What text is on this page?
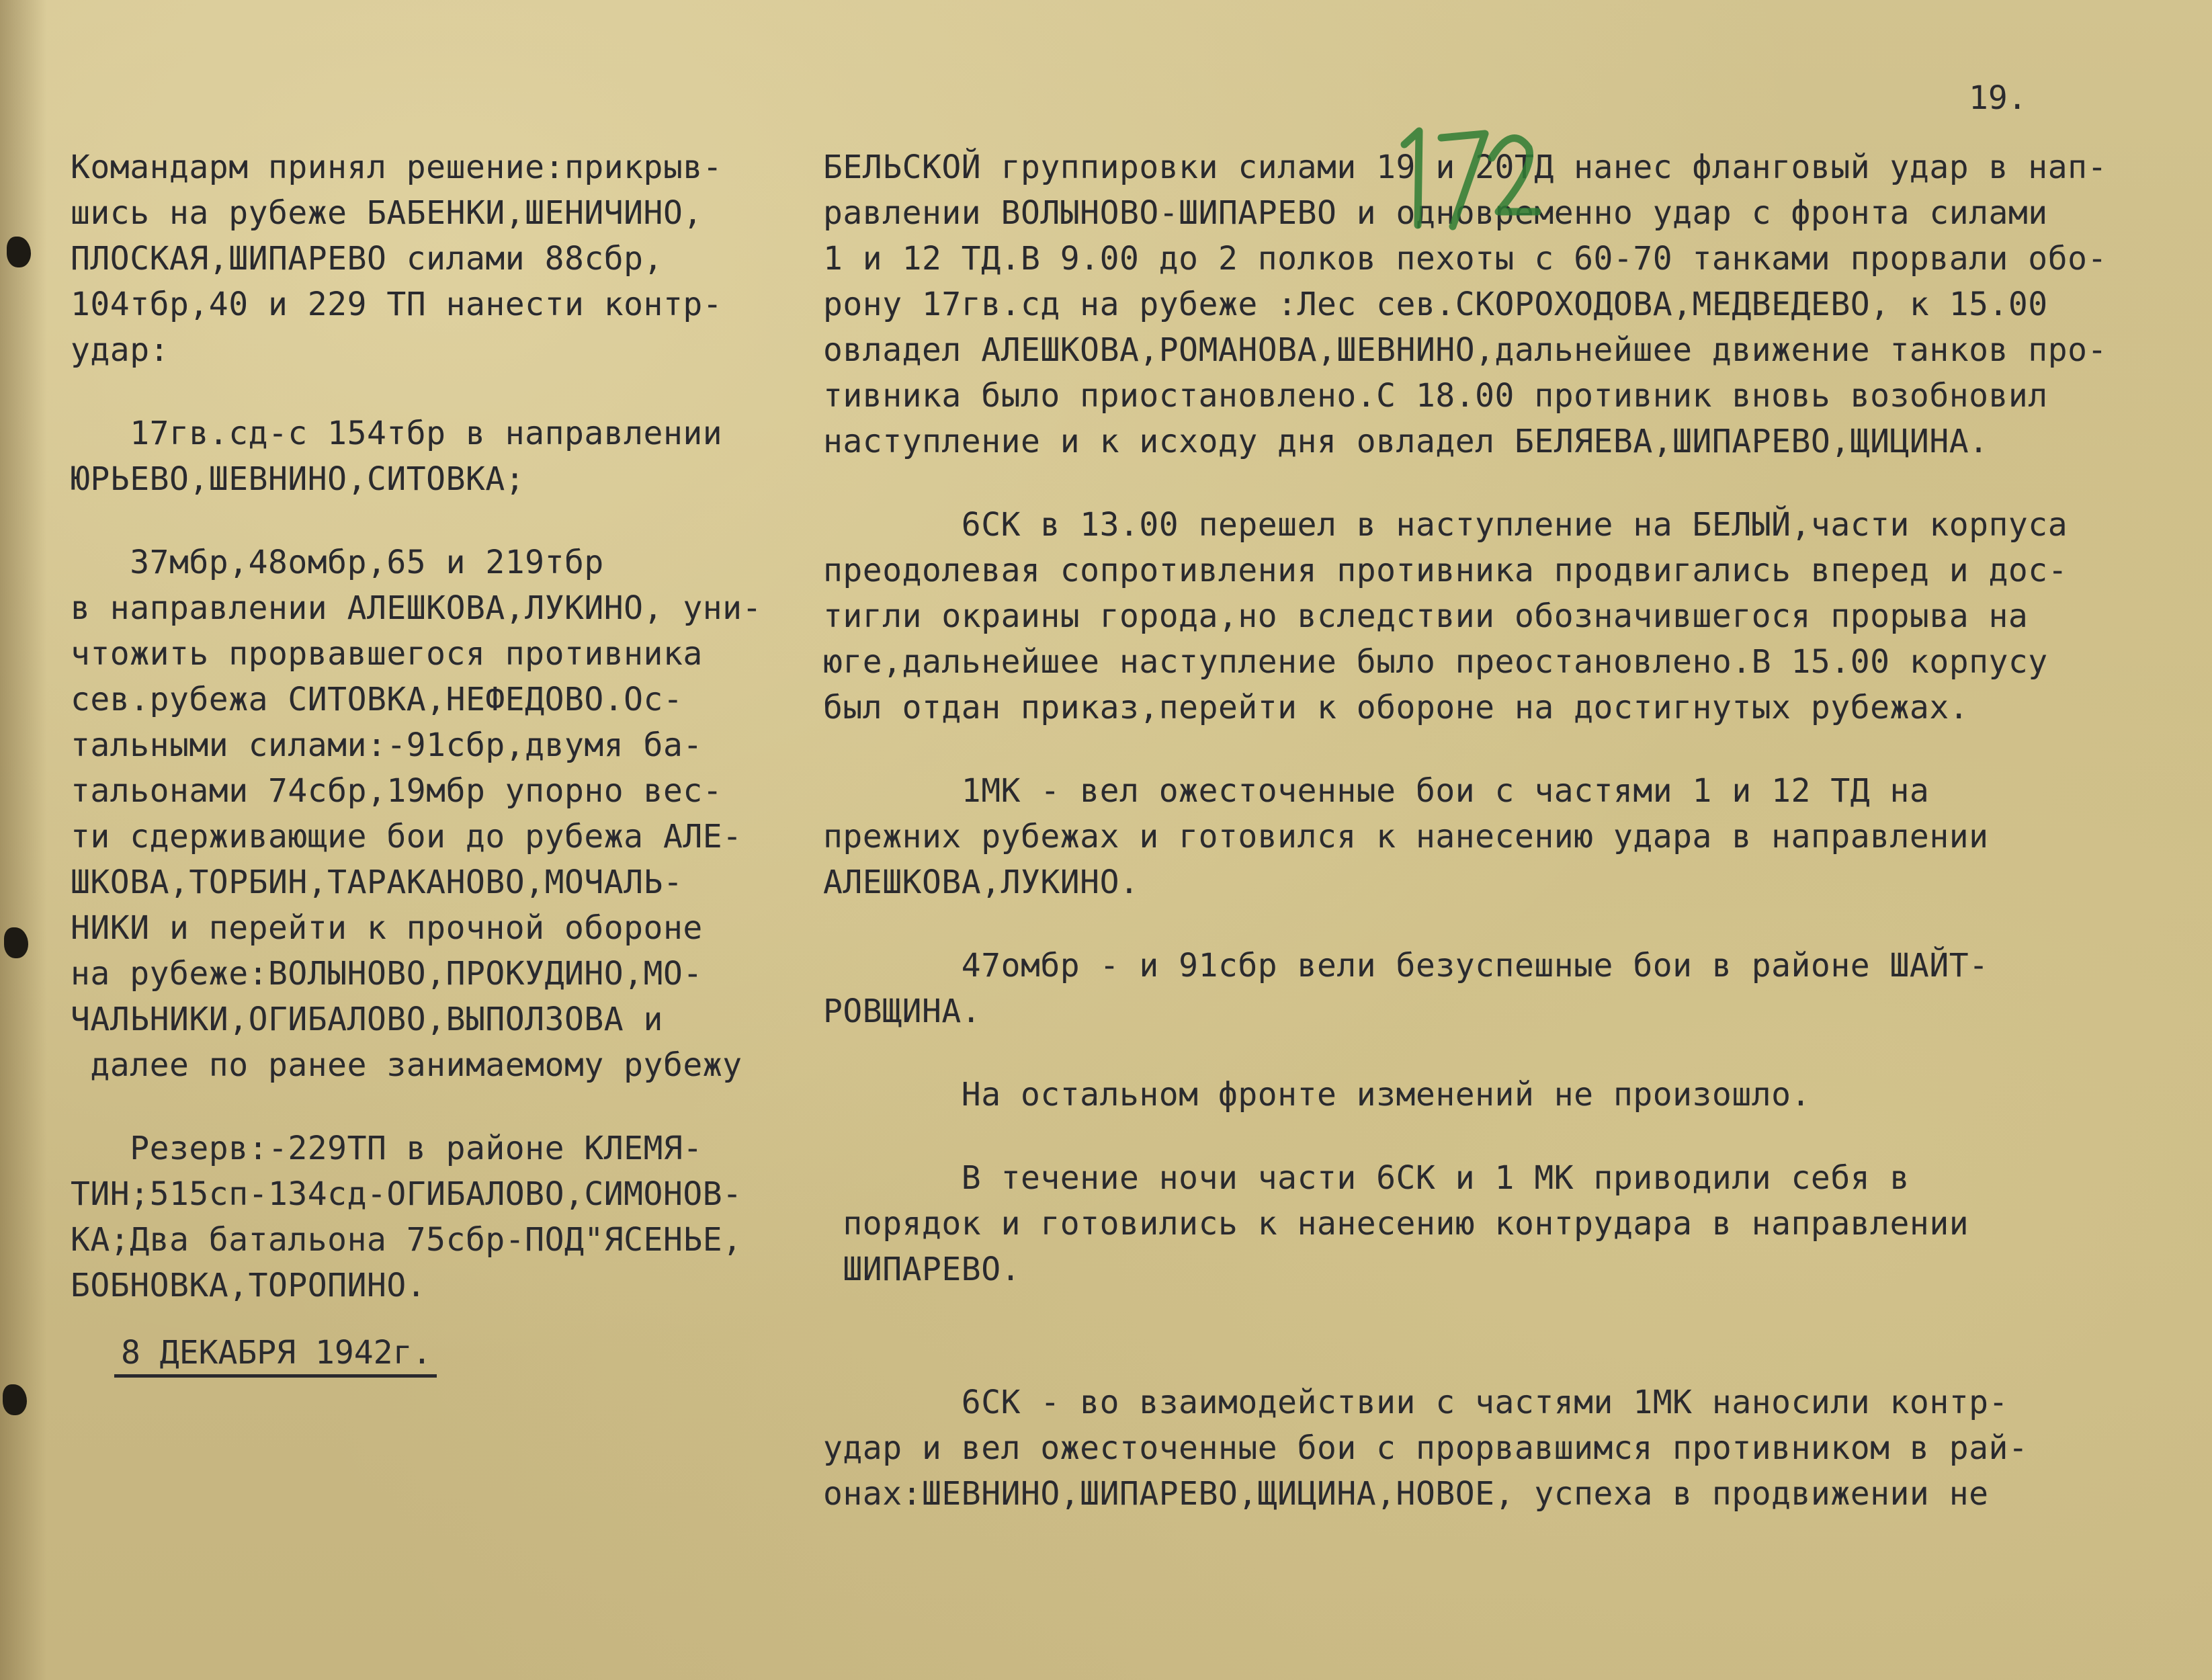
19.
Командарм принял решение:прикрыв-
шись на рубеже БАБЕНКИ,ШЕНИЧИНО,
ПЛОСКАЯ,ШИПАРЕВО силами 88сбр,
104тбр,40 и 229 ТП нанести контр-
удар:
17гв.сд-с 154тбр в направлении
ЮРЬЕВО,ШЕВНИНО,СИТОВКА;
37мбр,48омбр,65 и 219тбр
в направлении АЛЕШКОВА,ЛУКИНО, уни-
чтожить прорвавшегося противника
сев.рубежа СИТОВКА,НЕФЕДОВО.Ос-
тальными силами:-91сбр,двумя ба-
тальонами 74сбр,19мбр упорно вес-
ти сдерживающие бои до рубежа АЛЕ-
ШКОВА,ТОРБИН,ТАРАКАНОВО,МОЧАЛЬ-
НИКИ и перейти к прочной обороне
на рубеже:ВОЛЫНОВО,ПРОКУДИНО,МО-
ЧАЛЬНИКИ,ОГИБАЛОВО,ВЫПОЛЗОВА и
далее по ранее занимаемому рубежу
Резерв:-229ТП в районе КЛЕМЯ-
ТИН;515сп-134сд-ОГИБАЛОВО,СИМОНОВ-
КА;Два батальона 75сбр-ПОД"ЯСЕНЬЕ,
БОБНОВКА,ТОРОПИНО.
8 ДЕКАБРЯ 1942г.
БЕЛЬСКОЙ группировки силами 19 и 20ТД нанес фланговый удар в нап-
равлении ВОЛЫНОВО-ШИПАРЕВО и одновременно удар с фронта силами
1 и 12 ТД.В 9.00 до 2 полков пехоты с 60-70 танками прорвали обо-
рону 17гв.сд на рубеже :Лес сев.СКОРОХОДОВА,МЕДВЕДЕВО, к 15.00
овладел АЛЕШКОВА,РОМАНОВА,ШЕВНИНО,дальнейшее движение танков про-
тивника было приостановлено.С 18.00 противник вновь возобновил
наступление и к исходу дня овладел БЕЛЯЕВА,ШИПАРЕВО,ЩИЦИНА.
6СК в 13.00 перешел в наступление на БЕЛЫЙ,части корпуса
преодолевая сопротивления противника продвигались вперед и дос-
тигли окраины города,но вследствии обозначившегося прорыва на
юге,дальнейшее наступление было преостановлено.В 15.00 корпусу
был отдан приказ,перейти к обороне на достигнутых рубежах.
1МК - вел ожесточенные бои с частями 1 и 12 ТД на
прежних рубежах и готовился к нанесению удара в направлении
АЛЕШКОВА,ЛУКИНО.
47омбр - и 91сбр вели безуспешные бои в районе ШАЙТ-
РОВЩИНА.
На остальном фронте изменений не произошло.
В течение ночи части 6СК и 1 МК приводили себя в
порядок и готовились к нанесению контрудара в направлении
ШИПАРЕВО.
6СК - во взаимодействии с частями 1МК наносили контр-
удар и вел ожесточенные бои с прорвавшимся противником в рай-
онах:ШЕВНИНО,ШИПАРЕВО,ЩИЦИНА,НОВОЕ, успеха в продвижении не
